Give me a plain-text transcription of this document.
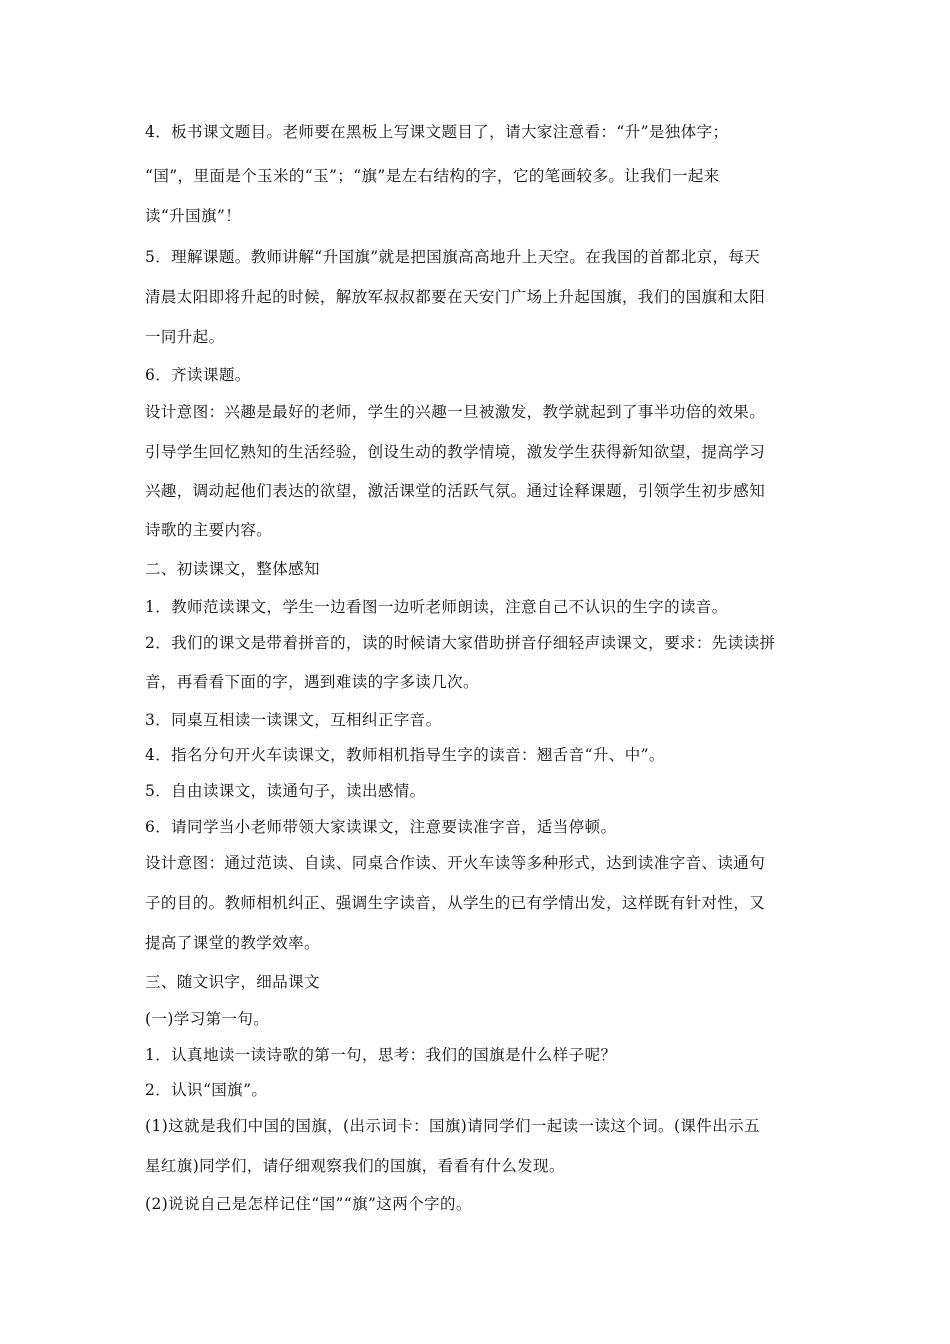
4．板书课文题目。老师要在黑板上写课文题目了，请大家注意看：“升”是独体字；

“国”，里面是个玉米的“玉”；“旗”是左右结构的字，它的笔画较多。让我们一起来

读“升国旗”！

5．理解课题。教师讲解“升国旗”就是把国旗高高地升上天空。在我国的首都北京，每天

清晨太阳即将升起的时候，解放军叔叔都要在天安门广场上升起国旗，我们的国旗和太阳

一同升起。

6．齐读课题。

设计意图：兴趣是最好的老师，学生的兴趣一旦被激发，教学就起到了事半功倍的效果。

引导学生回忆熟知的生活经验，创设生动的教学情境，激发学生获得新知欲望，提高学习

兴趣，调动起他们表达的欲望，激活课堂的活跃气氛。通过诠释课题，引领学生初步感知

诗歌的主要内容。

二、初读课文，整体感知

1．教师范读课文，学生一边看图一边听老师朗读，注意自己不认识的生字的读音。

2．我们的课文是带着拼音的，读的时候请大家借助拼音仔细轻声读课文，要求：先读读拼

音，再看看下面的字，遇到难读的字多读几次。

3．同桌互相读一读课文，互相纠正字音。

4．指名分句开火车读课文，教师相机指导生字的读音：翘舌音“升、中”。

5．自由读课文，读通句子，读出感情。

6．请同学当小老师带领大家读课文，注意要读准字音，适当停顿。

设计意图：通过范读、自读、同桌合作读、开火车读等多种形式，达到读准字音、读通句

子的目的。教师相机纠正、强调生字读音，从学生的已有学情出发，这样既有针对性，又

提高了课堂的教学效率。

三、随文识字，细品课文

(一)学习第一句。

1．认真地读一读诗歌的第一句，思考：我们的国旗是什么样子呢？

2．认识“国旗”。

(1)这就是我们中国的国旗，(出示词卡：国旗)请同学们一起读一读这个词。(课件出示五

星红旗)同学们，请仔细观察我们的国旗，看看有什么发现。

(2)说说自己是怎样记住“国”“旗”这两个字的。
